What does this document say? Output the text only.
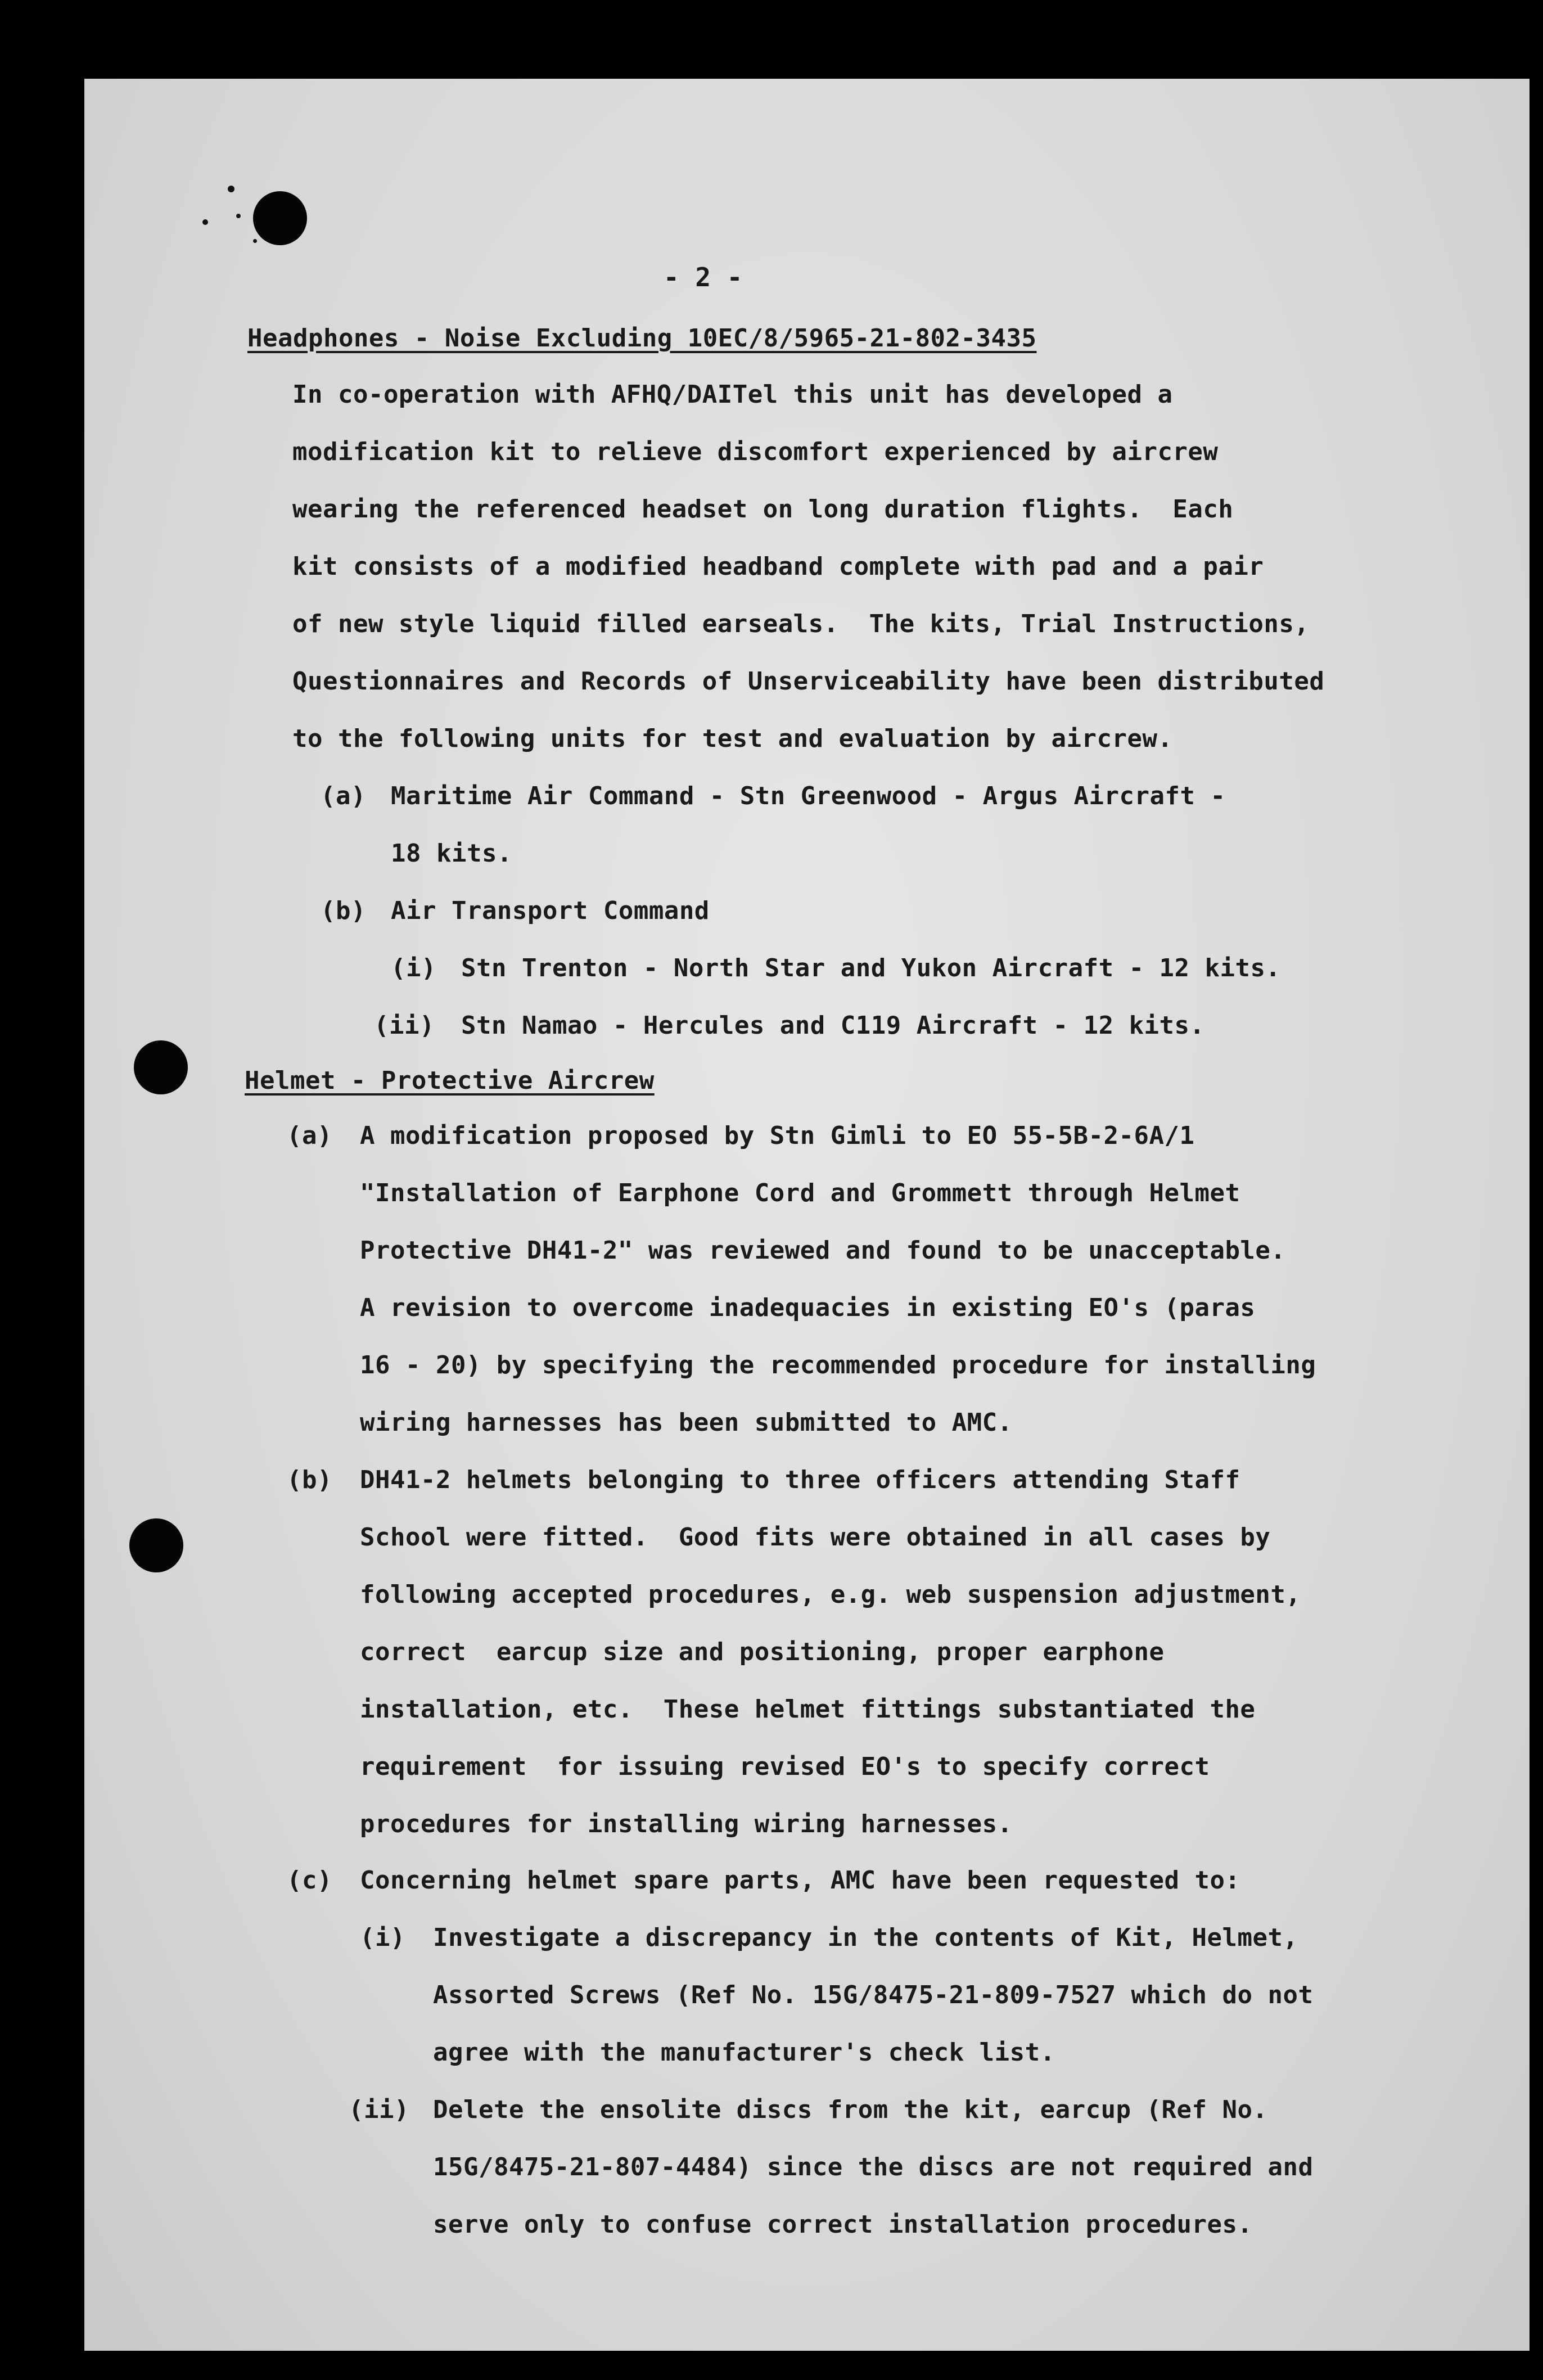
- 2 -
Headphones - Noise Excluding 10EC/8/5965-21-802-3435
In co-operation with AFHQ/DAITel this unit has developed a
modification kit to relieve discomfort experienced by aircrew
wearing the referenced headset on long duration flights.  Each
kit consists of a modified headband complete with pad and a pair
of new style liquid filled earseals.  The kits, Trial Instructions,
Questionnaires and Records of Unserviceability have been distributed
to the following units for test and evaluation by aircrew.
(a) Maritime Air Command - Stn Greenwood - Argus Aircraft -
18 kits.
(b) Air Transport Command
(i) Stn Trenton - North Star and Yukon Aircraft - 12 kits.
(ii) Stn Namao - Hercules and C119 Aircraft - 12 kits.
Helmet - Protective Aircrew
(a) A modification proposed by Stn Gimli to EO 55-5B-2-6A/1
"Installation of Earphone Cord and Grommett through Helmet
Protective DH41-2" was reviewed and found to be unacceptable.
A revision to overcome inadequacies in existing EO's (paras
16 - 20) by specifying the recommended procedure for installing
wiring harnesses has been submitted to AMC.
(b) DH41-2 helmets belonging to three officers attending Staff
School were fitted.  Good fits were obtained in all cases by
following accepted procedures, e.g. web suspension adjustment,
correct  earcup size and positioning, proper earphone
installation, etc.  These helmet fittings substantiated the
requirement  for issuing revised EO's to specify correct
procedures for installing wiring harnesses.
(c) Concerning helmet spare parts, AMC have been requested to:
(i) Investigate a discrepancy in the contents of Kit, Helmet,
Assorted Screws (Ref No. 15G/8475-21-809-7527 which do not
agree with the manufacturer's check list.
(ii) Delete the ensolite discs from the kit, earcup (Ref No.
15G/8475-21-807-4484) since the discs are not required and
serve only to confuse correct installation procedures.
